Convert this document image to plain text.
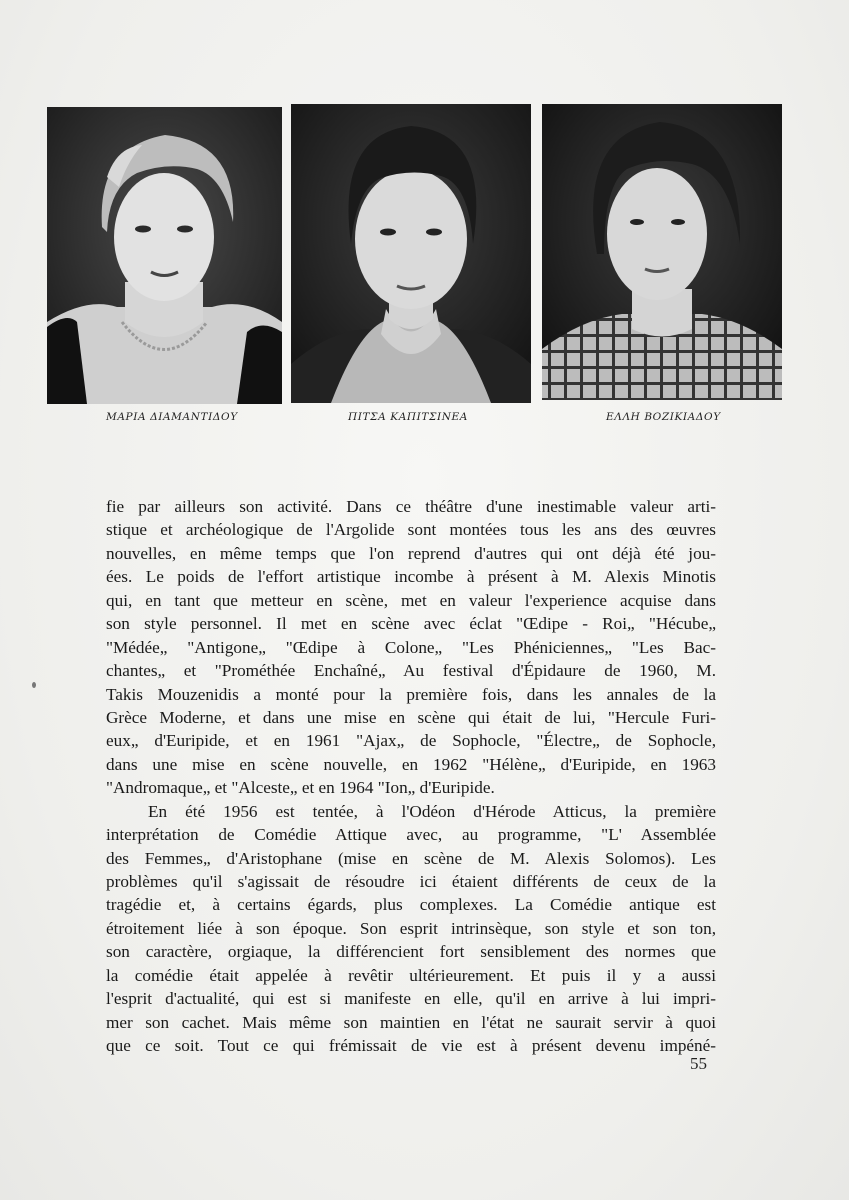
ΜΑΡΙΑ ΔΙΑΜΑΝΤΙΔΟΥ	ΠΙΤΣΑ ΚΑΠΙΤΣΙΝΕΑ	ΕΛΛΗ ΒΟΖΙΚΙΑΔΟΥ
fie par ailleurs son activité. Dans ce théâtre d'une inestimable valeur arti-
stique et archéologique de l'Argolide sont montées tous les ans des œuvres
nouvelles, en même temps que l'on reprend d'autres qui ont déjà été jou-
ées. Le poids de l'effort artistique incombe à présent à M. Alexis Minotis
qui, en tant que metteur en scène, met en valeur l'experience acquise dans
son style personnel. Il met en scène avec éclat "Œdipe - Roi„ "Hécube„
"Médée„ "Antigone„ "Œdipe à Colone„ "Les Phéniciennes„ "Les Bac-
chantes„ et "Prométhée Enchaîné„ Au festival d'Épidaure de 1960, M.
Takis Mouzenidis a monté pour la première fois, dans les annales de la
Grèce Moderne, et dans une mise en scène qui était de lui, "Hercule Furi-
eux„ d'Euripide, et en 1961 "Ajax„ de Sophocle, "Électre„ de Sophocle,
dans une mise en scène nouvelle, en 1962 "Hélène„ d'Euripide, en 1963
"Andromaque„ et "Alceste„ et en 1964 "Ion„ d'Euripide.
En été 1956 est tentée, à l'Odéon d'Hérode Atticus, la première
interprétation de Comédie Attique avec, au programme, "L' Assemblée
des Femmes„ d'Aristophane (mise en scène de M. Alexis Solomos). Les
problèmes qu'il s'agissait de résoudre ici étaient différents de ceux de la
tragédie et, à certains égards, plus complexes. La Comédie antique est
étroitement liée à son époque. Son esprit intrinsèque, son style et son ton,
son caractère, orgiaque, la différencient fort sensiblement des normes que
la comédie était appelée à revêtir ultérieurement. Et puis il y a aussi
l'esprit d'actualité, qui est si manifeste en elle, qu'il en arrive à lui impri-
mer son cachet. Mais même son maintien en l'état ne saurait servir à quoi
que ce soit. Tout ce qui frémissait de vie est à présent devenu impéné-
55
